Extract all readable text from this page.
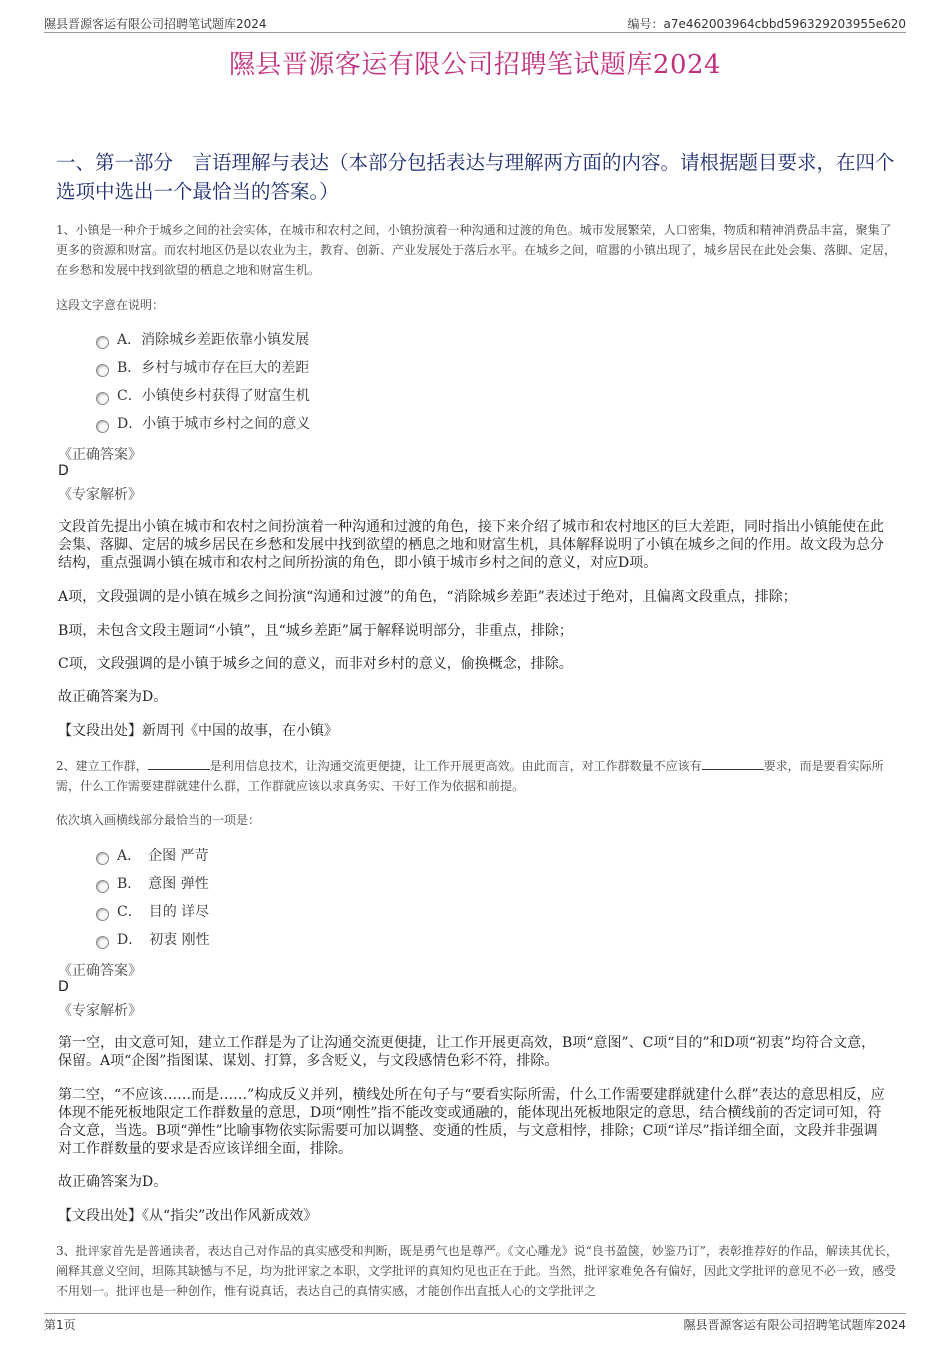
隰县晋源客运有限公司招聘笔试题库2024	编号：a7e462003964cbbd596329203955e620
隰县晋源客运有限公司招聘笔试题库2024
一、第一部分　言语理解与表达（本部分包括表达与理解两方面的内容。请根据题目要求，在四个选项中选出一个最恰当的答案。）
1、小镇是一种介于城乡之间的社会实体，在城市和农村之间，小镇扮演着一种沟通和过渡的角色。城市发展繁荣，人口密集，物质和精神消费品丰富，聚集了更多的资源和财富。而农村地区仍是以农业为主，教育、创新、产业发展处于落后水平。在城乡之间，喧嚣的小镇出现了，城乡居民在此处会集、落脚、定居，在乡愁和发展中找到欲望的栖息之地和财富生机。
这段文字意在说明：
A．消除城乡差距依靠小镇发展
B．乡村与城市存在巨大的差距
C．小镇使乡村获得了财富生机
D．小镇于城市乡村之间的意义
《正确答案》
D
《专家解析》
文段首先提出小镇在城市和农村之间扮演着一种沟通和过渡的角色，接下来介绍了城市和农村地区的巨大差距，同时指出小镇能使在此会集、落脚、定居的城乡居民在乡愁和发展中找到欲望的栖息之地和财富生机，具体解释说明了小镇在城乡之间的作用。故文段为总分结构，重点强调小镇在城市和农村之间所扮演的角色，即小镇于城市乡村之间的意义，对应D项。
A项，文段强调的是小镇在城乡之间扮演“沟通和过渡”的角色，“消除城乡差距”表述过于绝对，且偏离文段重点，排除；
B项，未包含文段主题词“小镇”，且“城乡差距”属于解释说明部分，非重点，排除；
C项，文段强调的是小镇于城乡之间的意义，而非对乡村的意义，偷换概念，排除。
故正确答案为D。
【文段出处】新周刊《中国的故事，在小镇》
2、建立工作群，	是利用信息技术，让沟通交流更便捷，让工作开展更高效。由此而言，对工作群数量不应该有	要求，而是要看实际所需，什么工作需要建群就建什么群，工作群就应该以求真务实、干好工作为依据和前提。
依次填入画横线部分最恰当的一项是：
A．　企图 严苛
B．　意图 弹性
C．　目的 详尽
D．　初衷 刚性
《正确答案》
D
《专家解析》
第一空，由文意可知，建立工作群是为了让沟通交流更便捷，让工作开展更高效，B项“意图”、C项“目的”和D项“初衷”均符合文意，保留。A项“企图”指图谋、谋划、打算，多含贬义，与文段感情色彩不符，排除。
第二空，“不应该……而是……”构成反义并列，横线处所在句子与“要看实际所需，什么工作需要建群就建什么群”表达的意思相反，应体现不能死板地限定工作群数量的意思，D项“刚性”指不能改变或通融的，能体现出死板地限定的意思，结合横线前的否定词可知，符合文意，当选。B项“弹性”比喻事物依实际需要可加以调整、变通的性质，与文意相悖，排除；C项“详尽”指详细全面，文段并非强调对工作群数量的要求是否应该详细全面，排除。
故正确答案为D。
【文段出处】《从“指尖”改出作风新成效》
3、批评家首先是普通读者，表达自己对作品的真实感受和判断，既是勇气也是尊严。《文心雕龙》说“良书盈箧，妙鉴乃订”，表彰推荐好的作品，解读其优长，阐释其意义空间，坦陈其缺憾与不足，均为批评家之本职，文学批评的真知灼见也正在于此。当然，批评家难免各有偏好，因此文学批评的意见不必一致，感受不用划一。批评也是一种创作，惟有说真话，表达自己的真情实感，才能创作出直抵人心的文学批评之
第1页	隰县晋源客运有限公司招聘笔试题库2024
